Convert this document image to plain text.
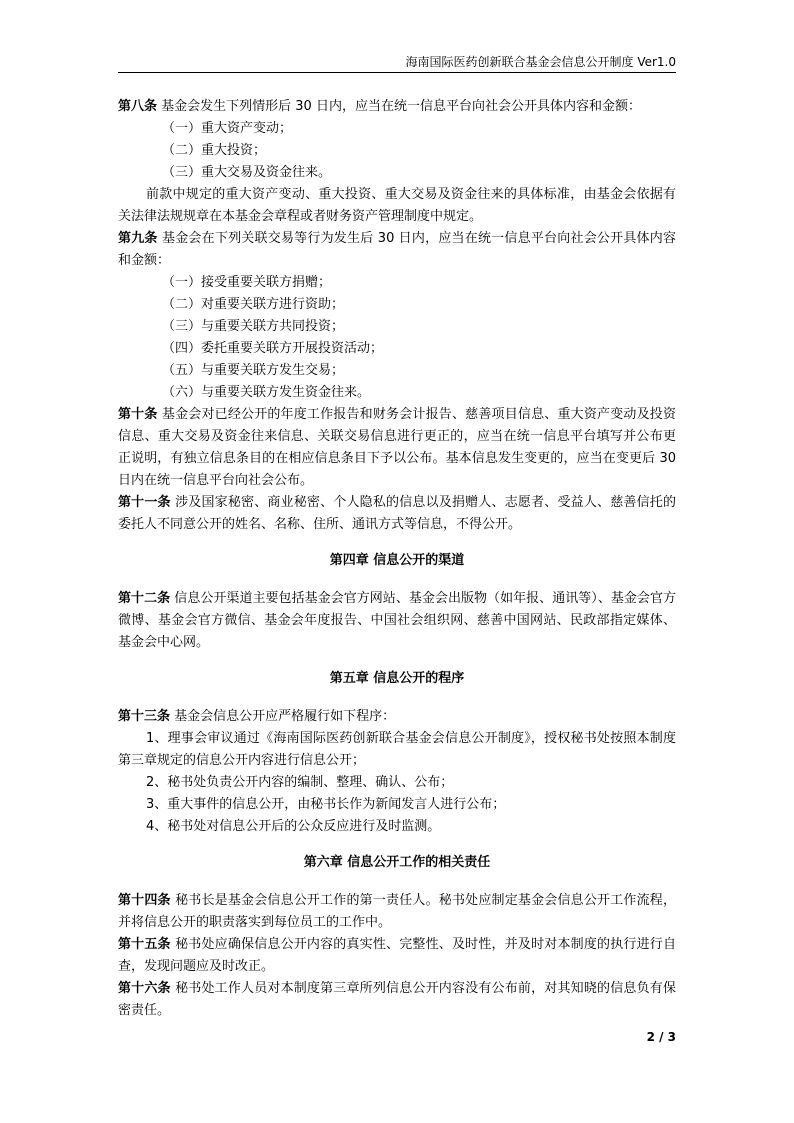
海南国际医药创新联合基金会信息公开制度 Ver1.0

第八条 基金会发生下列情形后 30 日内，应当在统一信息平台向社会公开具体内容和金额：

（一）重大资产变动；

（二）重大投资；

（三）重大交易及资金往来。

前款中规定的重大资产变动、重大投资、重大交易及资金往来的具体标准，由基金会依据有关法律法规规章在本基金会章程或者财务资产管理制度中规定。

第九条 基金会在下列关联交易等行为发生后 30 日内，应当在统一信息平台向社会公开具体内容和金额：

（一）接受重要关联方捐赠；

（二）对重要关联方进行资助；

（三）与重要关联方共同投资；

（四）委托重要关联方开展投资活动；

（五）与重要关联方发生交易；

（六）与重要关联方发生资金往来。

第十条 基金会对已经公开的年度工作报告和财务会计报告、慈善项目信息、重大资产变动及投资信息、重大交易及资金往来信息、关联交易信息进行更正的，应当在统一信息平台填写并公布更正说明，有独立信息条目的在相应信息条目下予以公布。基本信息发生变更的，应当在变更后 30 日内在统一信息平台向社会公布。

第十一条 涉及国家秘密、商业秘密、个人隐私的信息以及捐赠人、志愿者、受益人、慈善信托的委托人不同意公开的姓名、名称、住所、通讯方式等信息，不得公开。

第四章 信息公开的渠道

第十二条 信息公开渠道主要包括基金会官方网站、基金会出版物（如年报、通讯等）、基金会官方微博、基金会官方微信、基金会年度报告、中国社会组织网、慈善中国网站、民政部指定媒体、基金会中心网。

第五章 信息公开的程序

第十三条 基金会信息公开应严格履行如下程序：

1、理事会审议通过《海南国际医药创新联合基金会信息公开制度》，授权秘书处按照本制度第三章规定的信息公开内容进行信息公开；

2、秘书处负责公开内容的编制、整理、确认、公布；

3、重大事件的信息公开，由秘书长作为新闻发言人进行公布；

4、秘书处对信息公开后的公众反应进行及时监测。

第六章 信息公开工作的相关责任

第十四条 秘书长是基金会信息公开工作的第一责任人。秘书处应制定基金会信息公开工作流程，并将信息公开的职责落实到每位员工的工作中。

第十五条 秘书处应确保信息公开内容的真实性、完整性、及时性，并及时对本制度的执行进行自查，发现问题应及时改正。

第十六条 秘书处工作人员对本制度第三章所列信息公开内容没有公布前，对其知晓的信息负有保密责任。

2 / 3
